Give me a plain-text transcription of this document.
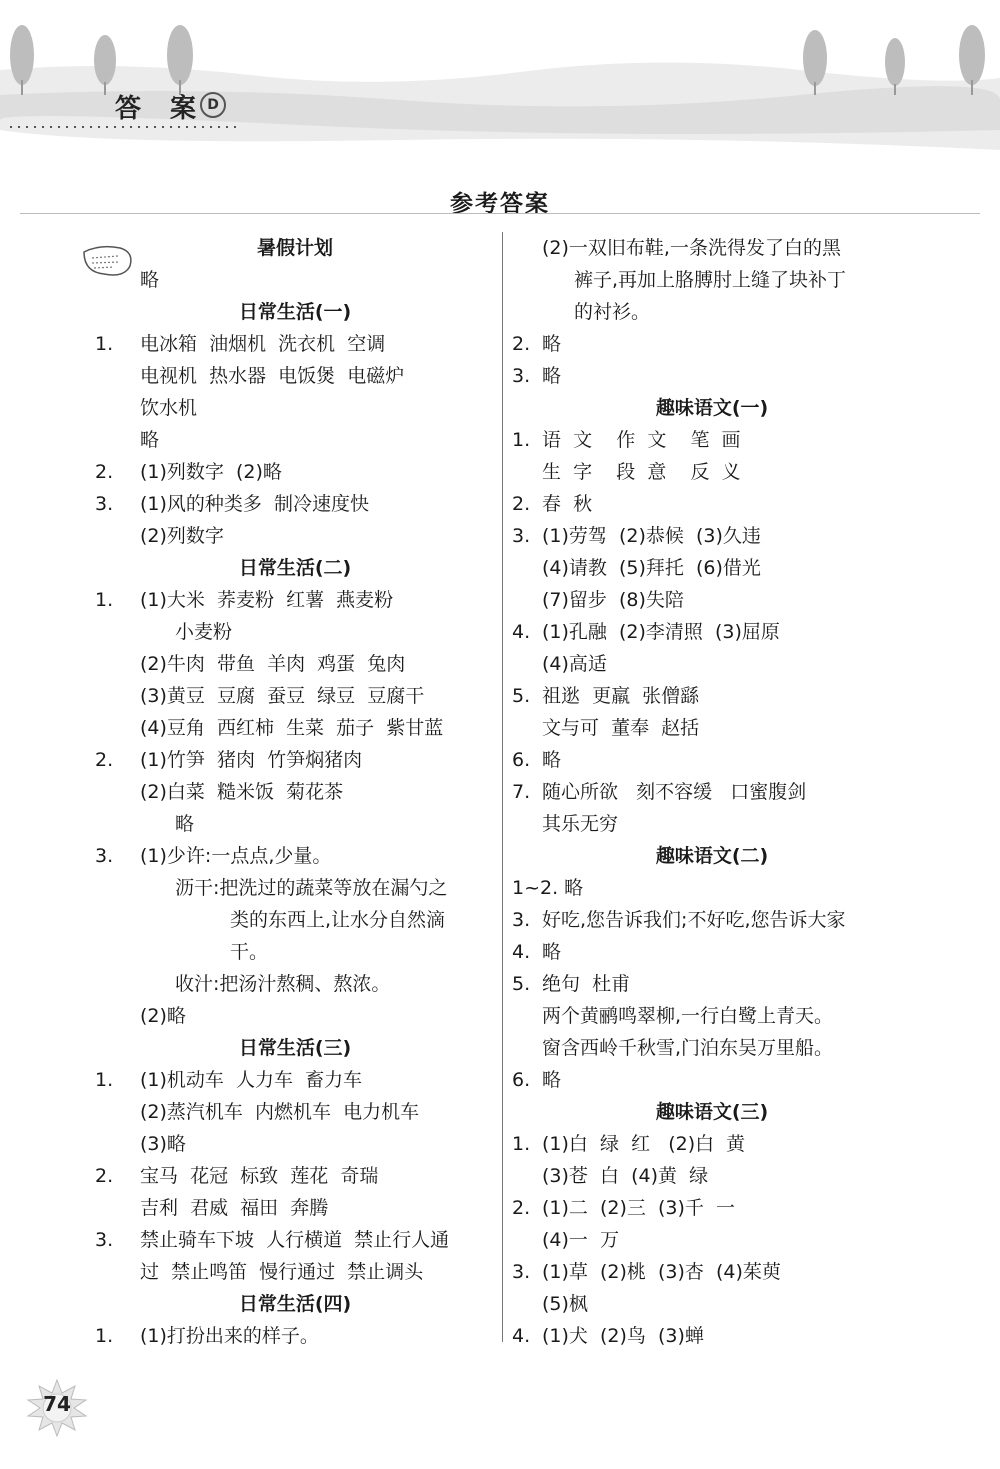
答 案 D
参考答案
暑假计划
略
日常生活(一)
1. 电冰箱  油烟机  洗衣机  空调
电视机  热水器  电饭煲  电磁炉
饮水机
略
2. (1)列数字  (2)略
3. (1)风的种类多  制冷速度快
(2)列数字
日常生活(二)
1. (1)大米  荞麦粉  红薯  燕麦粉
小麦粉
(2)牛肉  带鱼  羊肉  鸡蛋  兔肉
(3)黄豆  豆腐  蚕豆  绿豆  豆腐干
(4)豆角  西红柿  生菜  茄子  紫甘蓝
2. (1)竹笋  猪肉  竹笋焖猪肉
(2)白菜  糙米饭  菊花茶
略
3. (1)少许:一点点,少量。
沥干:把洗过的蔬菜等放在漏勺之
类的东西上,让水分自然滴
干。
收汁:把汤汁熬稠、熬浓。
(2)略
日常生活(三)
1. (1)机动车  人力车  畜力车
(2)蒸汽机车  内燃机车  电力机车
(3)略
2. 宝马  花冠  标致  莲花  奇瑞
吉利  君威  福田  奔腾
3. 禁止骑车下坡  人行横道  禁止行人通
过  禁止鸣笛  慢行通过  禁止调头
日常生活(四)
1. (1)打扮出来的样子。
(2)一双旧布鞋,一条洗得发了白的黑
裤子,再加上胳膊肘上缝了块补丁
的衬衫。
2. 略
3. 略
趣味语文(一)
1. 语  文    作  文    笔  画
生  字    段  意    反  义
2. 春  秋
3. (1)劳驾  (2)恭候  (3)久违
(4)请教  (5)拜托  (6)借光
(7)留步  (8)失陪
4. (1)孔融  (2)李清照  (3)屈原
(4)高适
5. 祖逖  更羸  张僧繇
文与可  董奉  赵括
6. 略
7. 随心所欲   刻不容缓   口蜜腹剑
其乐无穷
趣味语文(二)
1~2. 略
3. 好吃,您告诉我们;不好吃,您告诉大家
4. 略
5. 绝句  杜甫
两个黄鹂鸣翠柳,一行白鹭上青天。
窗含西岭千秋雪,门泊东吴万里船。
6. 略
趣味语文(三)
1. (1)白  绿  红   (2)白  黄
(3)苍  白  (4)黄  绿
2. (1)二  (2)三  (3)千  一
(4)一  万
3. (1)草  (2)桃  (3)杏  (4)茱萸
(5)枫
4. (1)犬  (2)鸟  (3)蝉
74
